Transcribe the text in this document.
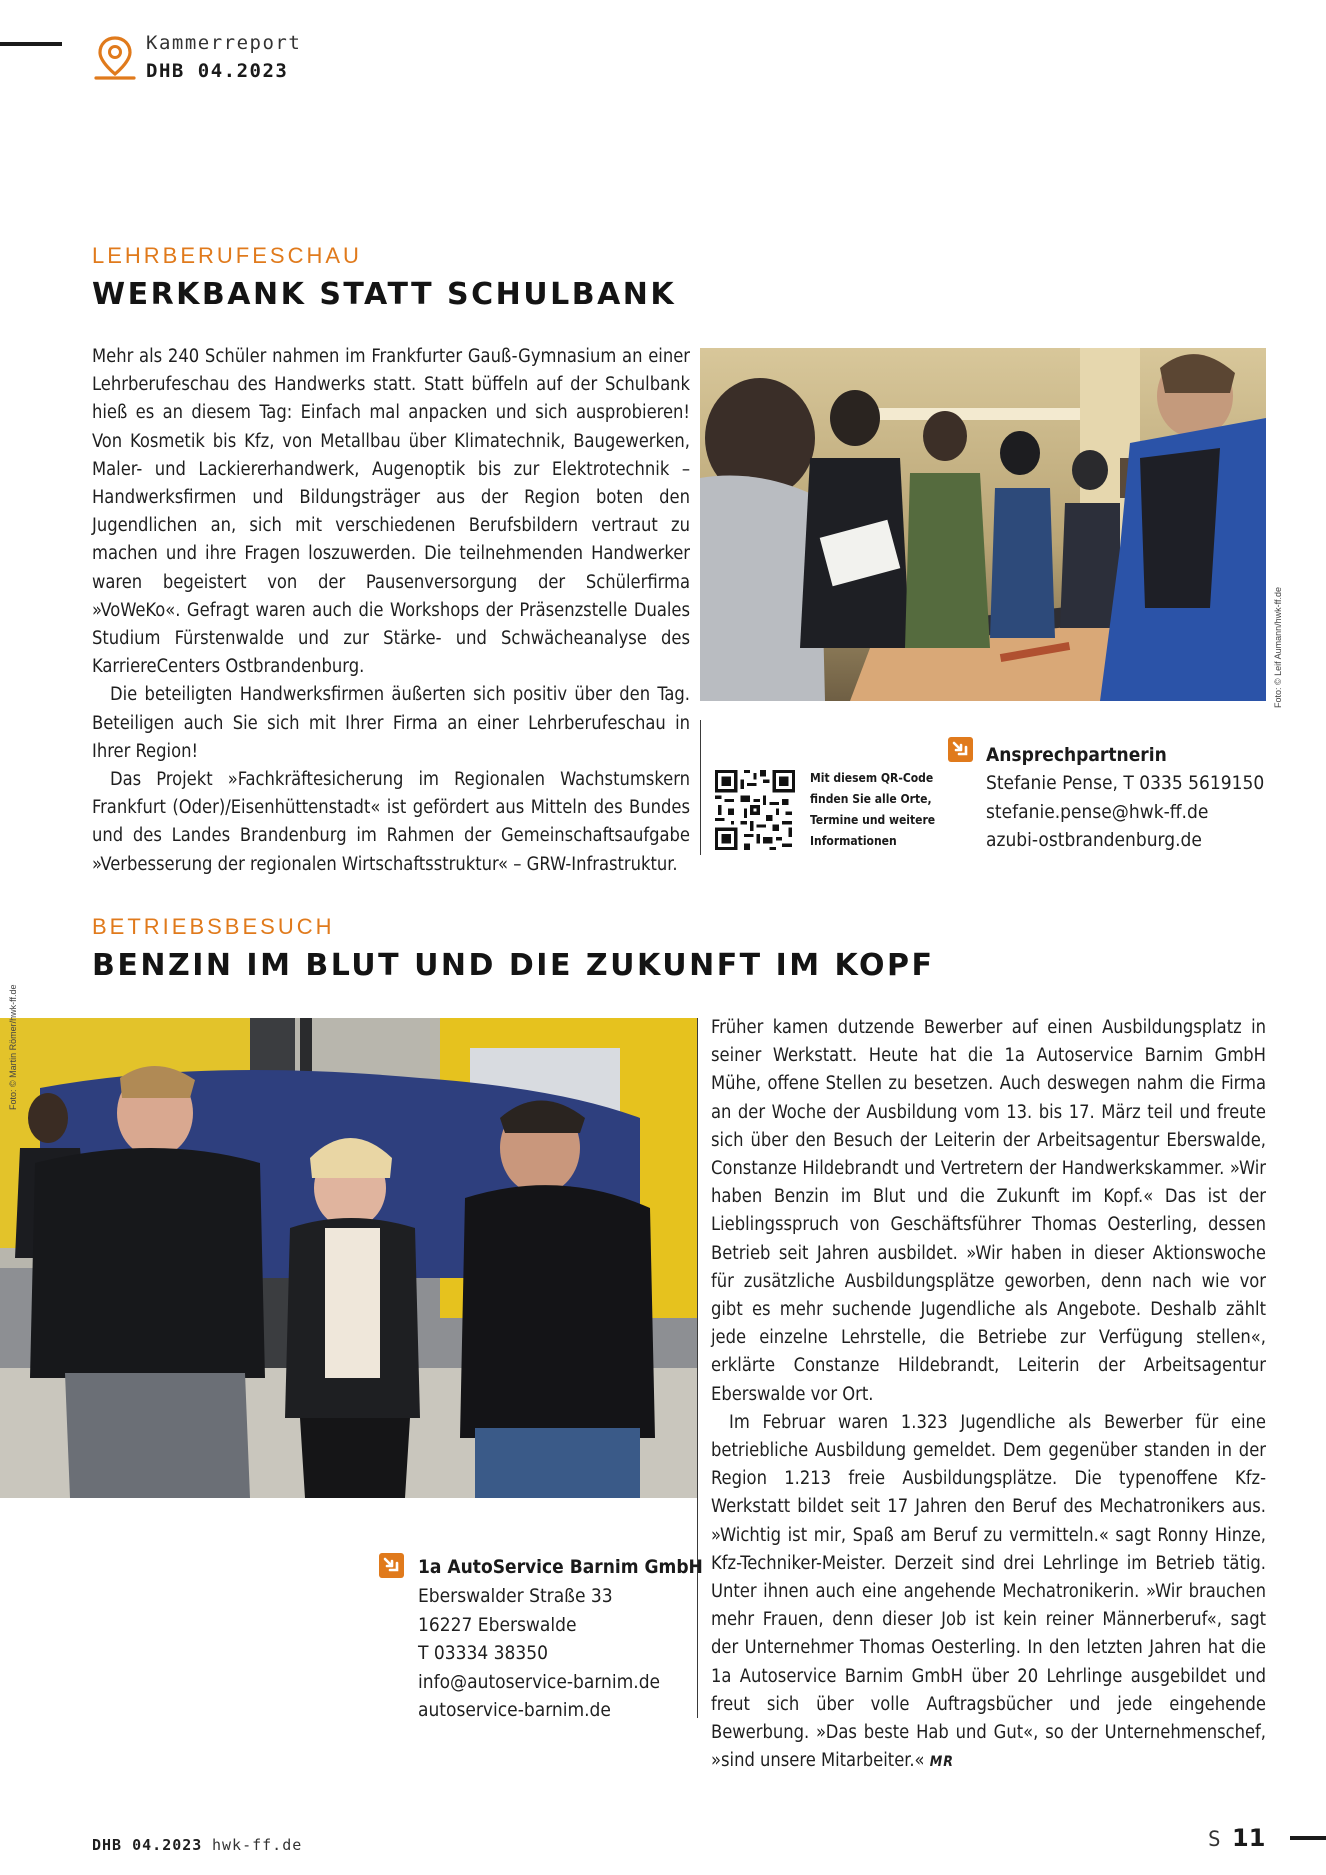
Kammerreport
DHB 04.2023
LEHRBERUFESCHAU
WERKBANK STATT SCHULBANK

Mehr als 240 Schüler nahmen im Frankfurter Gauß-Gymnasium an einer Lehrberufeschau des Handwerks statt. Statt büffeln auf der Schulbank hieß es an diesem Tag: Einfach mal anpacken und sich ausprobieren! Von Kosmetik bis Kfz, von Metallbau über Klimatechnik, Baugewerken, Maler- und Lackiererhandwerk, Augenoptik bis zur Elektrotechnik – Handwerksfirmen und Bildungsträger aus der Region boten den Jugendlichen an, sich mit verschiedenen Berufsbildern vertraut zu machen und ihre Fragen loszuwerden. Die teilnehmenden Handwerker waren begeistert von der Pausenversorgung der Schülerfirma »VoWeKo«. Gefragt waren auch die Workshops der Präsenzstelle Duales Studium Fürstenwalde und zur Stärke- und Schwächeanalyse des KarriereCenters Ostbrandenburg.

Die beteiligten Handwerksfirmen äußerten sich positiv über den Tag. Beteiligen auch Sie sich mit Ihrer Firma an einer Lehrberufeschau in Ihrer Region!

Das Projekt »Fachkräftesicherung im Regionalen Wachstumskern Frankfurt (Oder)/Eisenhüttenstadt« ist gefördert aus Mitteln des Bundes und des Landes Brandenburg im Rahmen der Gemeinschaftsaufgabe »Verbesserung der regionalen Wirtschaftsstruktur« – GRW-Infrastruktur.

Foto: © Leif Aumann/hwk-ff.de
Mit diesem QR-Code
finden Sie alle Orte,
Termine und weitere
Informationen
Ansprechpartnerin
Stefanie Pense, T 0335 5619150
stefanie.pense@hwk-ff.de
azubi-ostbrandenburg.de
BETRIEBSBESUCH
BENZIN IM BLUT UND DIE ZUKUNFT IM KOPF
Foto: © Martin Römer/hwk-ff.de	Früher kamen dutzende Bewerber auf einen Ausbildungsplatz in seiner Werkstatt. Heute hat die 1a Autoservice Barnim GmbH Mühe, offene Stellen zu besetzen. Auch deswegen nahm die Firma an der Woche der Ausbildung vom 13. bis 17. März teil und freute sich über den Besuch der Leiterin der Arbeitsagentur Eberswalde, Constanze Hildebrandt und Vertretern der Handwerkskammer. »Wir haben Benzin im Blut und die Zukunft im Kopf.« Das ist der Lieblingsspruch von Geschäftsführer Thomas Oesterling, dessen Betrieb seit Jahren ausbildet. »Wir haben in dieser Aktionswoche für zusätzliche Ausbildungsplätze geworben, denn nach wie vor gibt es mehr suchende Jugendliche als Angebote. Deshalb zählt jede einzelne Lehrstelle, die Betriebe zur Verfügung stellen«, erklärte Constanze Hildebrandt, Leiterin der Arbeitsagentur Eberswalde vor Ort.

Im Februar waren 1.323 Jugendliche als Bewerber für eine betriebliche Ausbildung gemeldet. Dem gegenüber standen in der Region 1.213 freie Ausbildungsplätze. Die typenoffene Kfz-Werkstatt bildet seit 17 Jahren den Beruf des Mechatronikers aus. »Wichtig ist mir, Spaß am Beruf zu vermitteln.« sagt Ronny Hinze, Kfz-Techniker-Meister. Derzeit sind drei Lehrlinge im Betrieb tätig. Unter ihnen auch eine angehende Mechatronikerin. »Wir brauchen mehr Frauen, denn dieser Job ist kein reiner Männerberuf«, sagt der Unternehmer Thomas Oesterling. In den letzten Jahren hat die 1a Autoservice Barnim GmbH über 20 Lehrlinge ausgebildet und freut sich über volle Auftragsbücher und jede eingehende Bewerbung. »Das beste Hab und Gut«, so der Unternehmenschef, »sind unsere Mitarbeiter.« MR

1a AutoService Barnim GmbH
Eberswalder Straße 33
16227 Eberswalde
T 03334 38350
info@autoservice-barnim.de
autoservice-barnim.de
DHB 04.2023 hwk-ff.de	S 11
